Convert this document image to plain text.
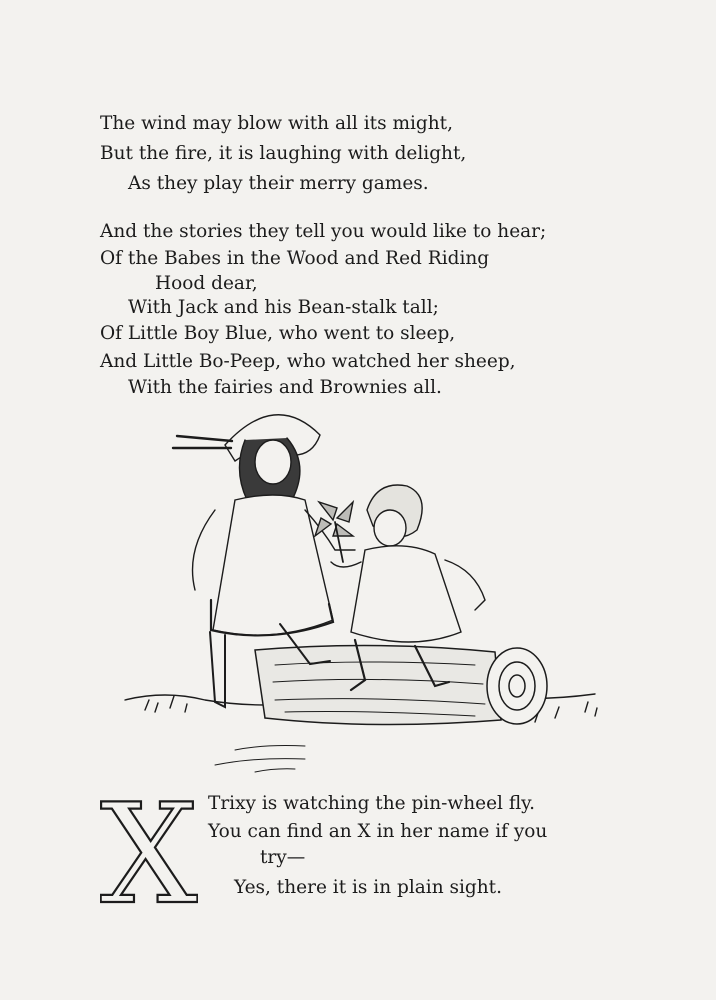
The wind may blow with all its might,
But the fire, it is laughing with delight,
As they play their merry games.
And the stories they tell you would like to hear;
Of the Babes in the Wood and Red Riding
Hood dear,
With Jack and his Bean-stalk tall;
Of Little Boy Blue, who went to sleep,
And Little Bo-Peep, who watched her sheep,
With the fairies and Brownies all.
X Trixy is watching the pin-wheel fly.
You can find an X in her name if you
try—
Yes, there it is in plain sight.
